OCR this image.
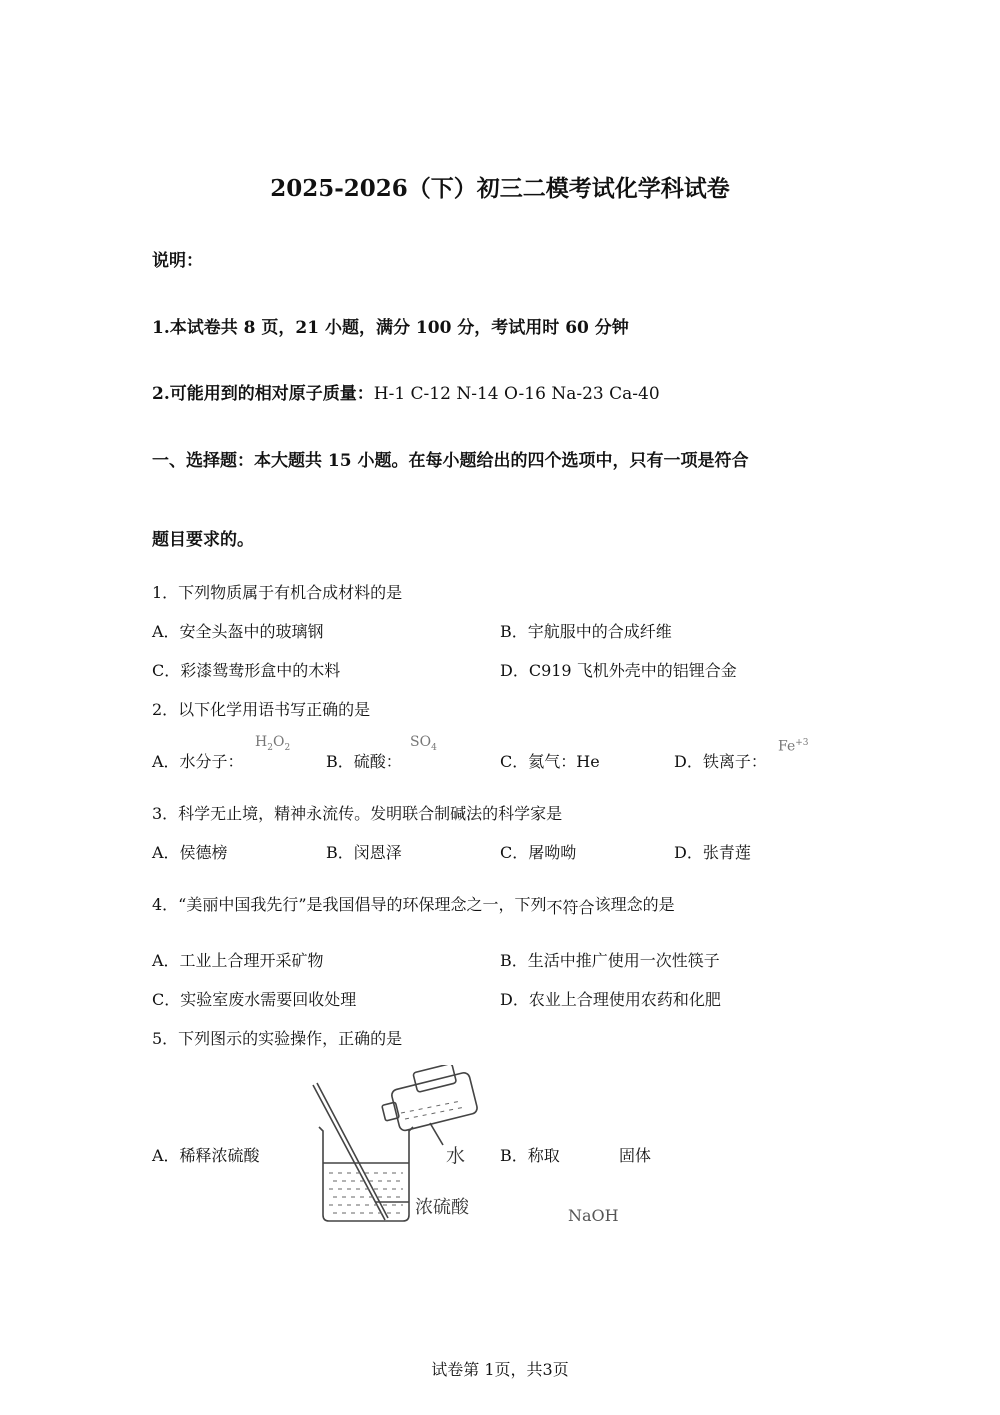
2025-2026（下）初三二模考试化学科试卷
说明：
1.本试卷共 8 页，21 小题，满分 100 分，考试用时 60 分钟
2.可能用到的相对原子质量：H-1 C-12 N-14 O-16 Na-23 Ca-40
一、选择题：本大题共 15 小题。在每小题给出的四个选项中，只有一项是符合
题目要求的。
1．下列物质属于有机合成材料的是
A．安全头盔中的玻璃钢	B．宇航服中的合成纤维
C．彩漆鸳鸯形盒中的木料	D．C919 飞机外壳中的铝锂合金
2．以下化学用语书写正确的是
A．水分子：
$H_2O_2$
B．硫酸：
$SO_4$
C．氦气：He	D．铁离子：
$Fe^{+3}$
3．科学无止境，精神永流传。发明联合制碱法的科学家是
A．侯德榜	B．闵恩泽	C．屠呦呦	D．张青莲
4．“美丽中国我先行”是我国倡导的环保理念之一，下列不符合该理念的是
A．工业上合理开采矿物	B．生活中推广使用一次性筷子
C．实验室废水需要回收处理	D．农业上合理使用农药和化肥
5．下列图示的实验操作，正确的是
A．稀释浓硫酸	B．称取	固体
水
浓硫酸	NaOH
试卷第 1页，共3页
